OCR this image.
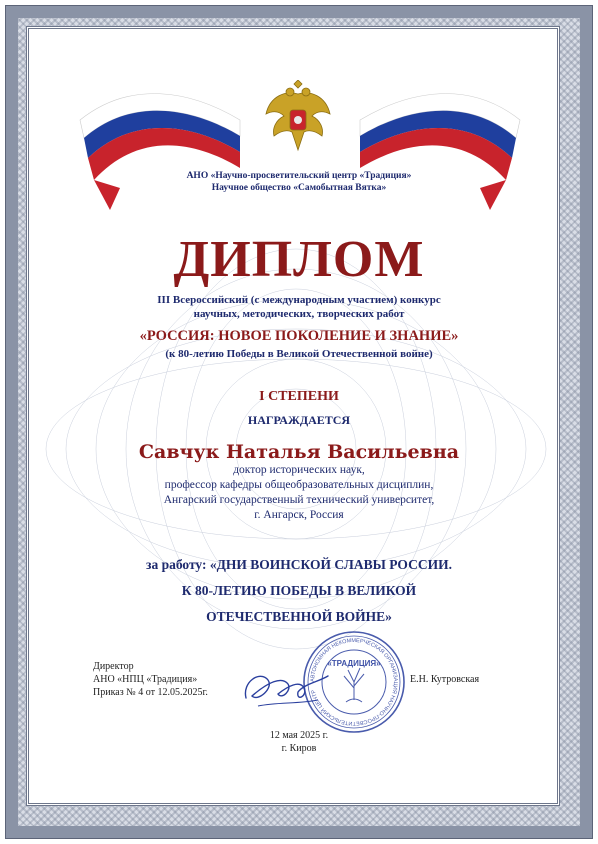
АНО «Научно-просветительский центр «Традиция»
Научное общество «Самобытная Вятка»
ДИПЛОМ
III Всероссийский (с международным участием) конкурс
научных, методических, творческих работ
«РОССИЯ: НОВОЕ ПОКОЛЕНИЕ И ЗНАНИЕ»
(к 80-летию Победы в Великой Отечественной войне)
I СТЕПЕНИ
НАГРАЖДАЕТСЯ
Савчук Наталья Васильевна
доктор исторических наук,
профессор кафедры общеобразовательных дисциплин,
Ангарский государственный технический университет,
г. Ангарск, Россия
за работу: «ДНИ ВОИНСКОЙ СЛАВЫ РОССИИ.
К 80-ЛЕТИЮ ПОБЕДЫ В ВЕЛИКОЙ
ОТЕЧЕСТВЕННОЙ ВОЙНЕ»
Директор
АНО «НПЦ «Традиция»
Приказ № 4 от 12.05.2025г.
АВТОНОМНАЯ НЕКОММЕРЧЕСКАЯ ОРГАНИЗАЦИЯ НАУЧНО-ПРОСВЕТИТЕЛЬСКИЙ ЦЕНТР
«ТРАДИЦИЯ»
Е.Н. Кутровская
12 мая 2025 г.
г. Киров
